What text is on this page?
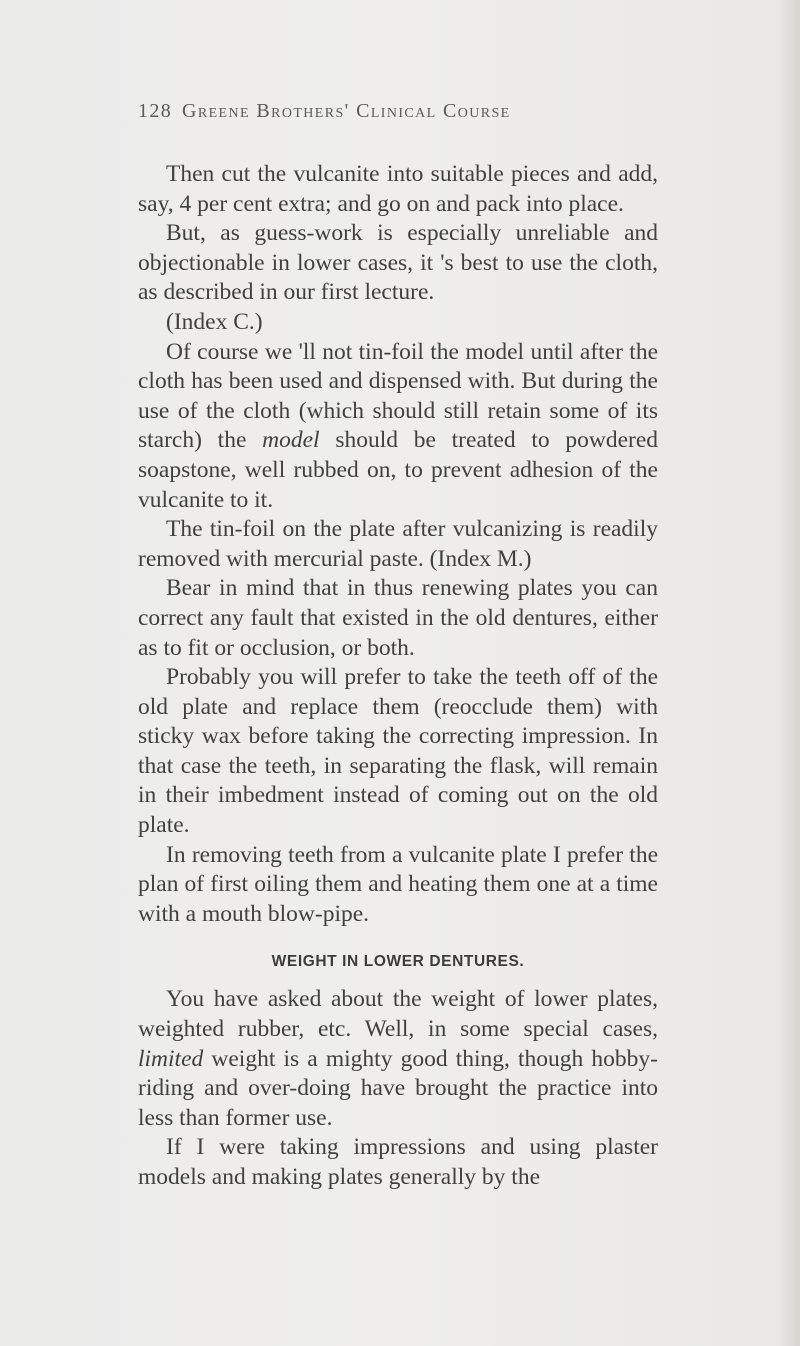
128 Greene Brothers' Clinical Course

Then cut the vulcanite into suitable pieces and add, say, 4 per cent extra; and go on and pack into place.

But, as guess-work is especially unreliable and objectionable in lower cases, it 's best to use the cloth, as described in our first lecture.

(Index C.)

Of course we 'll not tin-foil the model until after the cloth has been used and dispensed with. But during the use of the cloth (which should still retain some of its starch) the model should be treated to powdered soapstone, well rubbed on, to prevent adhesion of the vulcanite to it.

The tin-foil on the plate after vulcanizing is readily removed with mercurial paste. (Index M.)

Bear in mind that in thus renewing plates you can correct any fault that existed in the old dentures, either as to fit or occlusion, or both.

Probably you will prefer to take the teeth off of the old plate and replace them (reocclude them) with sticky wax before taking the correcting impression. In that case the teeth, in separating the flask, will remain in their imbedment instead of coming out on the old plate.

In removing teeth from a vulcanite plate I prefer the plan of first oiling them and heating them one at a time with a mouth blow-pipe.

WEIGHT IN LOWER DENTURES.

You have asked about the weight of lower plates, weighted rubber, etc. Well, in some special cases, limited weight is a mighty good thing, though hobby-riding and over-doing have brought the practice into less than former use.

If I were taking impressions and using plaster models and making plates generally by the
